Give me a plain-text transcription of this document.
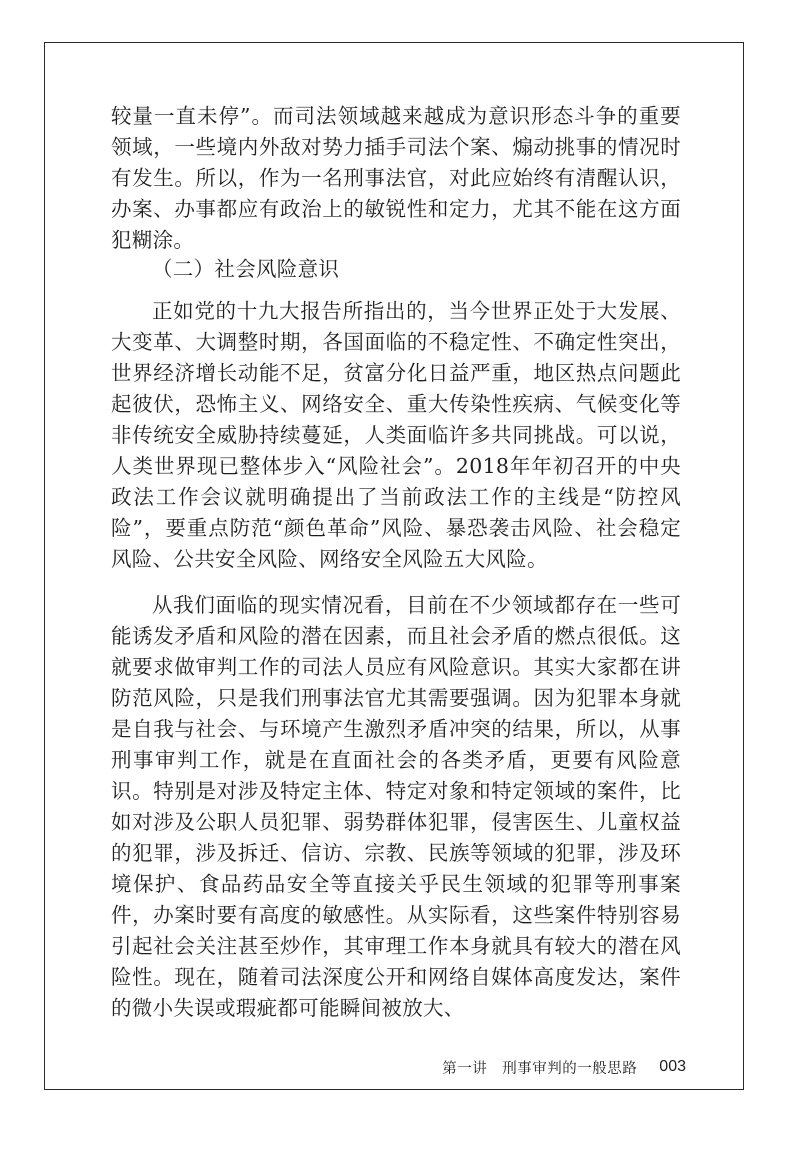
较量一直未停”。而司法领域越来越成为意识形态斗争的重要领域，一些境内外敌对势力插手司法个案、煽动挑事的情况时有发生。所以，作为一名刑事法官，对此应始终有清醒认识，办案、办事都应有政治上的敏锐性和定力，尤其不能在这方面犯糊涂。

（二）社会风险意识

正如党的十九大报告所指出的，当今世界正处于大发展、大变革、大调整时期，各国面临的不稳定性、不确定性突出，世界经济增长动能不足，贫富分化日益严重，地区热点问题此起彼伏，恐怖主义、网络安全、重大传染性疾病、气候变化等非传统安全威胁持续蔓延，人类面临许多共同挑战。可以说，人类世界现已整体步入“风险社会”。2018年年初召开的中央政法工作会议就明确提出了当前政法工作的主线是“防控风险”，要重点防范“颜色革命”风险、暴恐袭击风险、社会稳定风险、公共安全风险、网络安全风险五大风险。

从我们面临的现实情况看，目前在不少领域都存在一些可能诱发矛盾和风险的潜在因素，而且社会矛盾的燃点很低。这就要求做审判工作的司法人员应有风险意识。其实大家都在讲防范风险，只是我们刑事法官尤其需要强调。因为犯罪本身就是自我与社会、与环境产生激烈矛盾冲突的结果，所以，从事刑事审判工作，就是在直面社会的各类矛盾，更要有风险意识。特别是对涉及特定主体、特定对象和特定领域的案件，比如对涉及公职人员犯罪、弱势群体犯罪，侵害医生、儿童权益的犯罪，涉及拆迁、信访、宗教、民族等领域的犯罪，涉及环境保护、食品药品安全等直接关乎民生领域的犯罪等刑事案件，办案时要有高度的敏感性。从实际看，这些案件特别容易引起社会关注甚至炒作，其审理工作本身就具有较大的潜在风险性。现在，随着司法深度公开和网络自媒体高度发达，案件的微小失误或瑕疵都可能瞬间被放大、

第一讲　刑事审判的一般思路 003
